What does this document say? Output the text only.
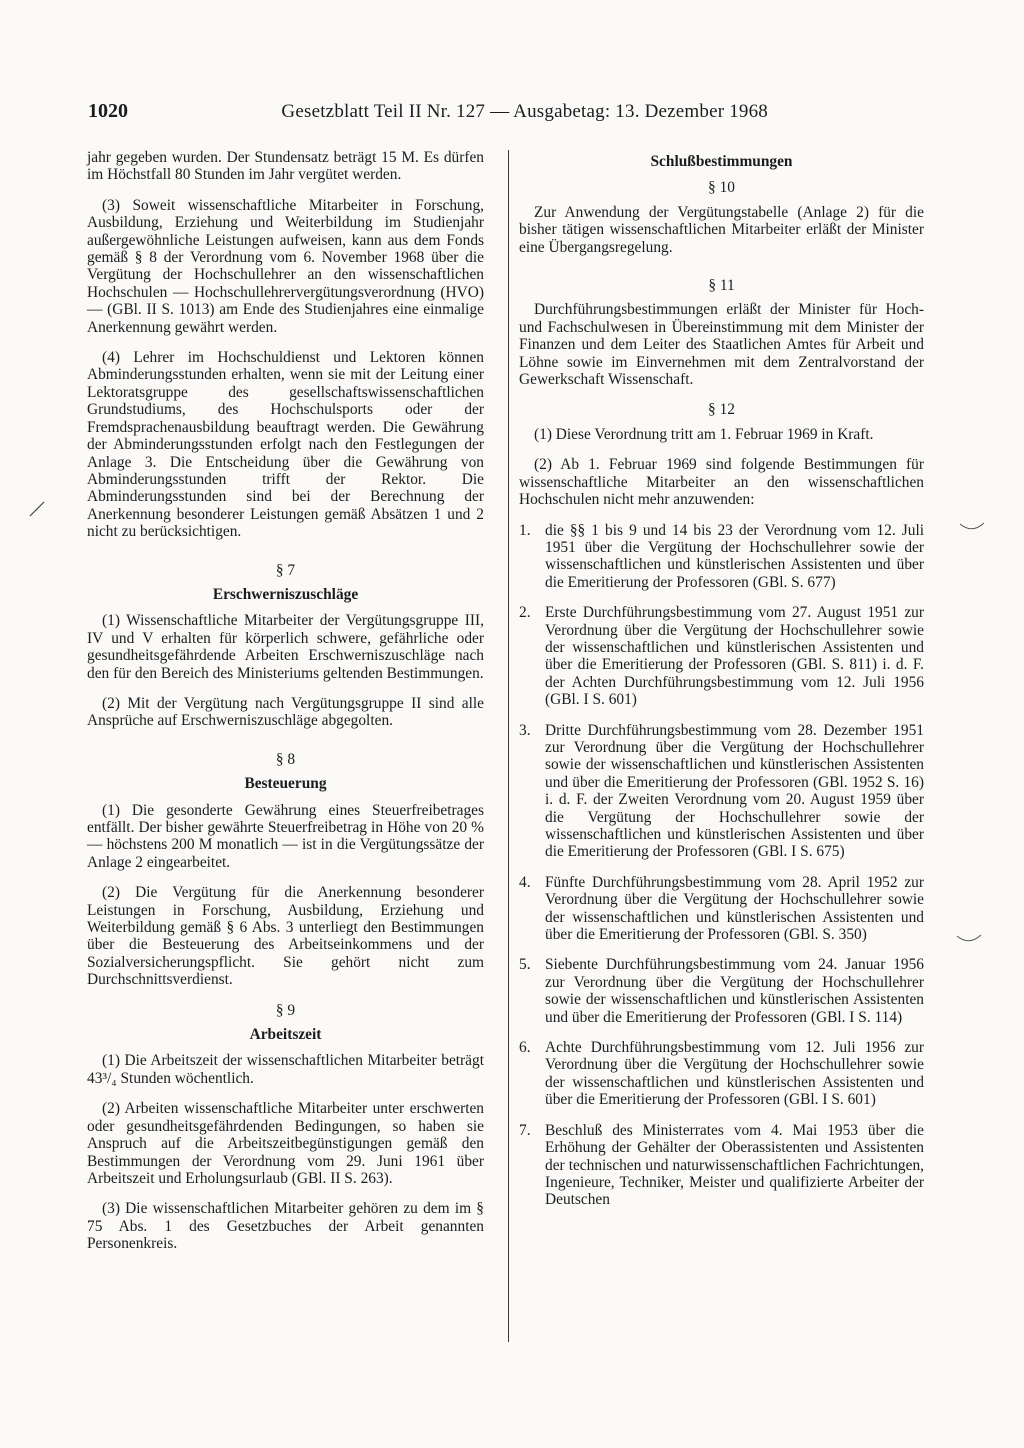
1020	Gesetzblatt Teil II Nr. 127 — Ausgabetag: 13. Dezember 1968

jahr gegeben wurden. Der Stundensatz beträgt 15 M. Es dürfen im Höchstfall 80 Stunden im Jahr vergütet werden.

(3) Soweit wissenschaftliche Mitarbeiter in Forschung, Ausbildung, Erziehung und Weiterbildung im Studienjahr außergewöhnliche Leistungen aufweisen, kann aus dem Fonds gemäß § 8 der Verordnung vom 6. November 1968 über die Vergütung der Hochschullehrer an den wissenschaftlichen Hochschulen — Hochschullehrervergütungsverordnung (HVO) — (GBl. II S. 1013) am Ende des Studienjahres eine einmalige Anerkennung gewährt werden.

(4) Lehrer im Hochschuldienst und Lektoren können Abminderungsstunden erhalten, wenn sie mit der Leitung einer Lektoratsgruppe des gesellschaftswissenschaftlichen Grundstudiums, des Hochschulsports oder der Fremdsprachenausbildung beauftragt werden. Die Gewährung der Abminderungsstunden erfolgt nach den Festlegungen der Anlage 3. Die Entscheidung über die Gewährung von Abminderungsstunden trifft der Rektor. Die Abminderungsstunden sind bei der Berechnung der Anerkennung besonderer Leistungen gemäß Absätzen 1 und 2 nicht zu berücksichtigen.

§ 7
Erschwerniszuschläge

(1) Wissenschaftliche Mitarbeiter der Vergütungsgruppe III, IV und V erhalten für körperlich schwere, gefährliche oder gesundheitsgefährdende Arbeiten Erschwerniszuschläge nach den für den Bereich des Ministeriums geltenden Bestimmungen.

(2) Mit der Vergütung nach Vergütungsgruppe II sind alle Ansprüche auf Erschwerniszuschläge abgegolten.

§ 8
Besteuerung

(1) Die gesonderte Gewährung eines Steuerfreibetrages entfällt. Der bisher gewährte Steuerfreibetrag in Höhe von 20 % — höchstens 200 M monatlich — ist in die Vergütungssätze der Anlage 2 eingearbeitet.

(2) Die Vergütung für die Anerkennung besonderer Leistungen in Forschung, Ausbildung, Erziehung und Weiterbildung gemäß § 6 Abs. 3 unterliegt den Bestimmungen über die Besteuerung des Arbeitseinkommens und der Sozialversicherungspflicht. Sie gehört nicht zum Durchschnittsverdienst.

§ 9
Arbeitszeit

(1) Die Arbeitszeit der wissenschaftlichen Mitarbeiter beträgt 43³/₄ Stunden wöchentlich.

(2) Arbeiten wissenschaftliche Mitarbeiter unter erschwerten oder gesundheitsgefährdenden Bedingungen, so haben sie Anspruch auf die Arbeitszeitbegünstigungen gemäß den Bestimmungen der Verordnung vom 29. Juni 1961 über Arbeitszeit und Erholungsurlaub (GBl. II S. 263).

(3) Die wissenschaftlichen Mitarbeiter gehören zu dem im § 75 Abs. 1 des Gesetzbuches der Arbeit genannten Personenkreis.

Schlußbestimmungen
§ 10

Zur Anwendung der Vergütungstabelle (Anlage 2) für die bisher tätigen wissenschaftlichen Mitarbeiter erläßt der Minister eine Übergangsregelung.

§ 11

Durchführungsbestimmungen erläßt der Minister für Hoch- und Fachschulwesen in Übereinstimmung mit dem Minister der Finanzen und dem Leiter des Staatlichen Amtes für Arbeit und Löhne sowie im Einvernehmen mit dem Zentralvorstand der Gewerkschaft Wissenschaft.

§ 12

(1) Diese Verordnung tritt am 1. Februar 1969 in Kraft.

(2) Ab 1. Februar 1969 sind folgende Bestimmungen für wissenschaftliche Mitarbeiter an den wissenschaftlichen Hochschulen nicht mehr anzuwenden:

1. die §§ 1 bis 9 und 14 bis 23 der Verordnung vom 12. Juli 1951 über die Vergütung der Hochschullehrer sowie der wissenschaftlichen und künstlerischen Assistenten und über die Emeritierung der Professoren (GBl. S. 677)
2. Erste Durchführungsbestimmung vom 27. August 1951 zur Verordnung über die Vergütung der Hochschullehrer sowie der wissenschaftlichen und künstlerischen Assistenten und über die Emeritierung der Professoren (GBl. S. 811) i. d. F. der Achten Durchführungsbestimmung vom 12. Juli 1956 (GBl. I S. 601)
3. Dritte Durchführungsbestimmung vom 28. Dezember 1951 zur Verordnung über die Vergütung der Hochschullehrer sowie der wissenschaftlichen und künstlerischen Assistenten und über die Emeritierung der Professoren (GBl. 1952 S. 16) i. d. F. der Zweiten Verordnung vom 20. August 1959 über die Vergütung der Hochschullehrer sowie der wissenschaftlichen und künstlerischen Assistenten und über die Emeritierung der Professoren (GBl. I S. 675)
4. Fünfte Durchführungsbestimmung vom 28. April 1952 zur Verordnung über die Vergütung der Hochschullehrer sowie der wissenschaftlichen und künstlerischen Assistenten und über die Emeritierung der Professoren (GBl. S. 350)
5. Siebente Durchführungsbestimmung vom 24. Januar 1956 zur Verordnung über die Vergütung der Hochschullehrer sowie der wissenschaftlichen und künstlerischen Assistenten und über die Emeritierung der Professoren (GBl. I S. 114)
6. Achte Durchführungsbestimmung vom 12. Juli 1956 zur Verordnung über die Vergütung der Hochschullehrer sowie der wissenschaftlichen und künstlerischen Assistenten und über die Emeritierung der Professoren (GBl. I S. 601)
7. Beschluß des Ministerrates vom 4. Mai 1953 über die Erhöhung der Gehälter der Oberassistenten und Assistenten der technischen und naturwissenschaftlichen Fachrichtungen, Ingenieure, Techniker, Meister und qualifizierte Arbeiter der Deutschen
